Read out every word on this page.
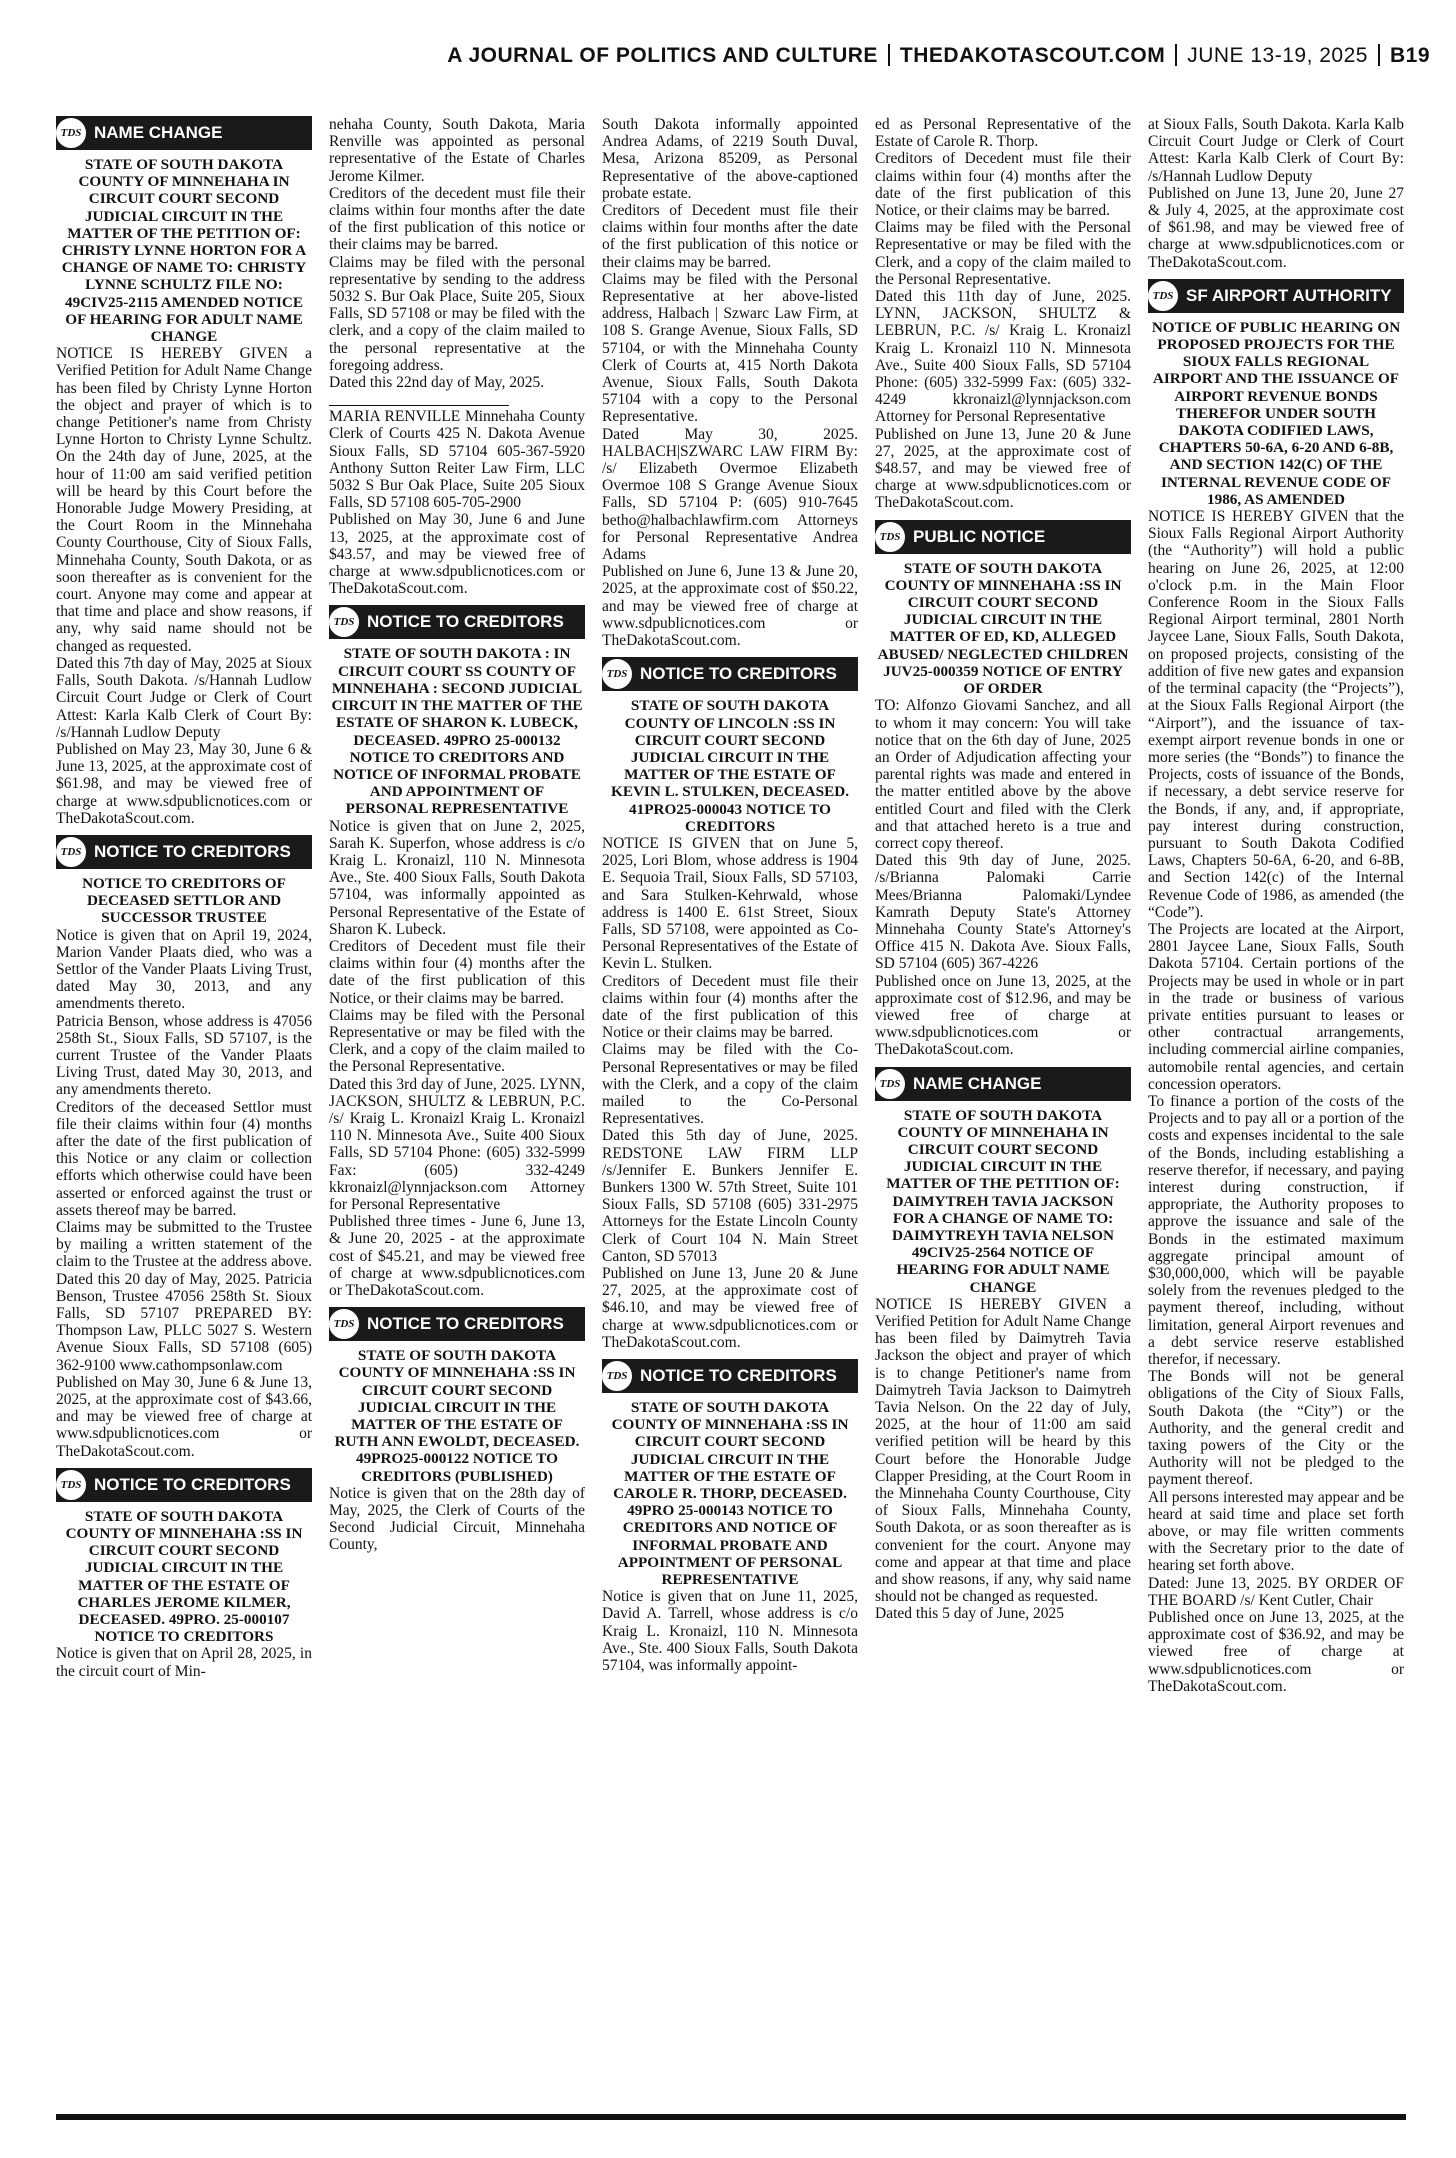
A JOURNAL OF POLITICS AND CULTURE THEDAKOTASCOUT.COM JUNE 13-19, 2025 B19
TDS NAME CHANGE
STATE OF SOUTH DAKOTA COUNTY OF MINNEHAHA IN CIRCUIT COURT SECOND JUDICIAL CIRCUIT IN THE MATTER OF THE PETITION OF: CHRISTY LYNNE HORTON FOR A CHANGE OF NAME TO: CHRISTY LYNNE SCHULTZ FILE NO: 49CIV25-2115 AMENDED NOTICE OF HEARING FOR ADULT NAME CHANGE

NOTICE IS HEREBY GIVEN a Verified Petition for Adult Name Change has been filed by Christy Lynne Horton the object and prayer of which is to change Petitioner's name from Christy Lynne Horton to Christy Lynne Schultz. On the 24th day of June, 2025, at the hour of 11:00 am said verified petition will be heard by this Court before the Honorable Judge Mowery Presiding, at the Court Room in the Minnehaha County Courthouse, City of Sioux Falls, Minnehaha County, South Dakota, or as soon thereafter as is convenient for the court. Anyone may come and appear at that time and place and show reasons, if any, why said name should not be changed as requested.

Dated this 7th day of May, 2025 at Sioux Falls, South Dakota. /s/Hannah Ludlow Circuit Court Judge or Clerk of Court Attest: Karla Kalb Clerk of Court By: /s/Hannah Ludlow Deputy

Published on May 23, May 30, June 6 & June 13, 2025, at the approximate cost of $61.98, and may be viewed free of charge at www.sdpublicnotices.com or TheDakotaScout.com.

TDS NOTICE TO CREDITORS
NOTICE TO CREDITORS OF DECEASED SETTLOR AND SUCCESSOR TRUSTEE

Notice is given that on April 19, 2024, Marion Vander Plaats died, who was a Settlor of the Vander Plaats Living Trust, dated May 30, 2013, and any amendments thereto.

Patricia Benson, whose address is 47056 258th St., Sioux Falls, SD 57107, is the current Trustee of the Vander Plaats Living Trust, dated May 30, 2013, and any amendments thereto.

Creditors of the deceased Settlor must file their claims within four (4) months after the date of the first publication of this Notice or any claim or collection efforts which otherwise could have been asserted or enforced against the trust or assets thereof may be barred.

Claims may be submitted to the Trustee by mailing a written statement of the claim to the Trustee at the address above. Dated this 20 day of May, 2025. Patricia Benson, Trustee 47056 258th St. Sioux Falls, SD 57107 PREPARED BY: Thompson Law, PLLC 5027 S. Western Avenue Sioux Falls, SD 57108 (605) 362-9100 www.cathompsonlaw.com

Published on May 30, June 6 & June 13, 2025, at the approximate cost of $43.66, and may be viewed free of charge at www.sdpublicnotices.com or TheDakotaScout.com.

TDS NOTICE TO CREDITORS
STATE OF SOUTH DAKOTA COUNTY OF MINNEHAHA :SS IN CIRCUIT COURT SECOND JUDICIAL CIRCUIT IN THE MATTER OF THE ESTATE OF CHARLES JEROME KILMER, DECEASED. 49PRO. 25-000107 NOTICE TO CREDITORS

Notice is given that on April 28, 2025, in the circuit court of Min-

nehaha County, South Dakota, Maria Renville was appointed as personal representative of the Estate of Charles Jerome Kilmer.

Creditors of the decedent must file their claims within four months after the date of the first publication of this notice or their claims may be barred.

Claims may be filed with the personal representative by sending to the address 5032 S. Bur Oak Place, Suite 205, Sioux Falls, SD 57108 or may be filed with the clerk, and a copy of the claim mailed to the personal representative at the foregoing address.

Dated this 22nd day of May, 2025.

MARIA RENVILLE Minnehaha County Clerk of Courts 425 N. Dakota Avenue Sioux Falls, SD 57104 605-367-5920 Anthony Sutton Reiter Law Firm, LLC 5032 S Bur Oak Place, Suite 205 Sioux Falls, SD 57108 605-705-2900

Published on May 30, June 6 and June 13, 2025, at the approximate cost of $43.57, and may be viewed free of charge at www.sdpublicnotices.com or TheDakotaScout.com.

TDS NOTICE TO CREDITORS
STATE OF SOUTH DAKOTA : IN CIRCUIT COURT SS COUNTY OF MINNEHAHA : SECOND JUDICIAL CIRCUIT IN THE MATTER OF THE ESTATE OF SHARON K. LUBECK, DECEASED. 49PRO 25-000132 NOTICE TO CREDITORS AND NOTICE OF INFORMAL PROBATE AND APPOINTMENT OF PERSONAL REPRESENTATIVE

Notice is given that on June 2, 2025, Sarah K. Superfon, whose address is c/o Kraig L. Kronaizl, 110 N. Minnesota Ave., Ste. 400 Sioux Falls, South Dakota 57104, was informally appointed as Personal Representative of the Estate of Sharon K. Lubeck.

Creditors of Decedent must file their claims within four (4) months after the date of the first publication of this Notice, or their claims may be barred.

Claims may be filed with the Personal Representative or may be filed with the Clerk, and a copy of the claim mailed to the Personal Representative.

Dated this 3rd day of June, 2025. LYNN, JACKSON, SHULTZ & LEBRUN, P.C. /s/ Kraig L. Kronaizl Kraig L. Kronaizl 110 N. Minnesota Ave., Suite 400 Sioux Falls, SD 57104 Phone: (605) 332-5999 Fax: (605) 332-4249 kkronaizl@lynnjackson.com Attorney for Personal Representative

Published three times - June 6, June 13, & June 20, 2025 - at the approximate cost of $45.21, and may be viewed free of charge at www.sdpublicnotices.com or TheDakotaScout.com.

TDS NOTICE TO CREDITORS
STATE OF SOUTH DAKOTA COUNTY OF MINNEHAHA :SS IN CIRCUIT COURT SECOND JUDICIAL CIRCUIT IN THE MATTER OF THE ESTATE OF RUTH ANN EWOLDT, DECEASED. 49PRO25-000122 NOTICE TO CREDITORS (PUBLISHED)

Notice is given that on the 28th day of May, 2025, the Clerk of Courts of the Second Judicial Circuit, Minnehaha County,

South Dakota informally appointed Andrea Adams, of 2219 South Duval, Mesa, Arizona 85209, as Personal Representative of the above-captioned probate estate.

Creditors of Decedent must file their claims within four months after the date of the first publication of this notice or their claims may be barred.

Claims may be filed with the Personal Representative at her above-listed address, Halbach | Szwarc Law Firm, at 108 S. Grange Avenue, Sioux Falls, SD 57104, or with the Minnehaha County Clerk of Courts at, 415 North Dakota Avenue, Sioux Falls, South Dakota 57104 with a copy to the Personal Representative.

Dated May 30, 2025. HALBACH|SZWARC LAW FIRM By: /s/ Elizabeth Overmoe Elizabeth Overmoe 108 S Grange Avenue Sioux Falls, SD 57104 P: (605) 910-7645 betho@halbachlawfirm.com Attorneys for Personal Representative Andrea Adams

Published on June 6, June 13 & June 20, 2025, at the approximate cost of $50.22, and may be viewed free of charge at www.sdpublicnotices.com or TheDakotaScout.com.

TDS NOTICE TO CREDITORS
STATE OF SOUTH DAKOTA COUNTY OF LINCOLN :SS IN CIRCUIT COURT SECOND JUDICIAL CIRCUIT IN THE MATTER OF THE ESTATE OF KEVIN L. STULKEN, DECEASED. 41PRO25-000043 NOTICE TO CREDITORS

NOTICE IS GIVEN that on June 5, 2025, Lori Blom, whose address is 1904 E. Sequoia Trail, Sioux Falls, SD 57103, and Sara Stulken-Kehrwald, whose address is 1400 E. 61st Street, Sioux Falls, SD 57108, were appointed as Co-Personal Representatives of the Estate of Kevin L. Stulken.

Creditors of Decedent must file their claims within four (4) months after the date of the first publication of this Notice or their claims may be barred.

Claims may be filed with the Co-Personal Representatives or may be filed with the Clerk, and a copy of the claim mailed to the Co-Personal Representatives.

Dated this 5th day of June, 2025. REDSTONE LAW FIRM LLP /s/Jennifer E. Bunkers Jennifer E. Bunkers 1300 W. 57th Street, Suite 101 Sioux Falls, SD 57108 (605) 331-2975 Attorneys for the Estate Lincoln County Clerk of Court 104 N. Main Street Canton, SD 57013

Published on June 13, June 20 & June 27, 2025, at the approximate cost of $46.10, and may be viewed free of charge at www.sdpublicnotices.com or TheDakotaScout.com.

TDS NOTICE TO CREDITORS
STATE OF SOUTH DAKOTA COUNTY OF MINNEHAHA :SS IN CIRCUIT COURT SECOND JUDICIAL CIRCUIT IN THE MATTER OF THE ESTATE OF CAROLE R. THORP, DECEASED. 49PRO 25-000143 NOTICE TO CREDITORS AND NOTICE OF INFORMAL PROBATE AND APPOINTMENT OF PERSONAL REPRESENTATIVE

Notice is given that on June 11, 2025, David A. Tarrell, whose address is c/o Kraig L. Kronaizl, 110 N. Minnesota Ave., Ste. 400 Sioux Falls, South Dakota 57104, was informally appoint-

ed as Personal Representative of the Estate of Carole R. Thorp.

Creditors of Decedent must file their claims within four (4) months after the date of the first publication of this Notice, or their claims may be barred.

Claims may be filed with the Personal Representative or may be filed with the Clerk, and a copy of the claim mailed to the Personal Representative.

Dated this 11th day of June, 2025. LYNN, JACKSON, SHULTZ & LEBRUN, P.C. /s/ Kraig L. Kronaizl Kraig L. Kronaizl 110 N. Minnesota Ave., Suite 400 Sioux Falls, SD 57104 Phone: (605) 332-5999 Fax: (605) 332-4249 kkronaizl@lynnjackson.com Attorney for Personal Representative

Published on June 13, June 20 & June 27, 2025, at the approximate cost of $48.57, and may be viewed free of charge at www.sdpublicnotices.com or TheDakotaScout.com.

TDS PUBLIC NOTICE
STATE OF SOUTH DAKOTA COUNTY OF MINNEHAHA :SS IN CIRCUIT COURT SECOND JUDICIAL CIRCUIT IN THE MATTER OF ED, KD, ALLEGED ABUSED/ NEGLECTED CHILDREN JUV25-000359 NOTICE OF ENTRY OF ORDER

TO: Alfonzo Giovami Sanchez, and all to whom it may concern: You will take notice that on the 6th day of June, 2025 an Order of Adjudication affecting your parental rights was made and entered in the matter entitled above by the above entitled Court and filed with the Clerk and that attached hereto is a true and correct copy thereof.

Dated this 9th day of June, 2025. /s/Brianna Palomaki Carrie Mees/Brianna Palomaki/Lyndee Kamrath Deputy State's Attorney Minnehaha County State's Attorney's Office 415 N. Dakota Ave. Sioux Falls, SD 57104 (605) 367-4226

Published once on June 13, 2025, at the approximate cost of $12.96, and may be viewed free of charge at www.sdpublicnotices.com or TheDakotaScout.com.

TDS NAME CHANGE
STATE OF SOUTH DAKOTA COUNTY OF MINNEHAHA IN CIRCUIT COURT SECOND JUDICIAL CIRCUIT IN THE MATTER OF THE PETITION OF: DAIMYTREH TAVIA JACKSON FOR A CHANGE OF NAME TO: DAIMYTREYH TAVIA NELSON 49CIV25-2564 NOTICE OF HEARING FOR ADULT NAME CHANGE

NOTICE IS HEREBY GIVEN a Verified Petition for Adult Name Change has been filed by Daimytreh Tavia Jackson the object and prayer of which is to change Petitioner's name from Daimytreh Tavia Jackson to Daimytreh Tavia Nelson. On the 22 day of July, 2025, at the hour of 11:00 am said verified petition will be heard by this Court before the Honorable Judge Clapper Presiding, at the Court Room in the Minnehaha County Courthouse, City of Sioux Falls, Minnehaha County, South Dakota, or as soon thereafter as is convenient for the court. Anyone may come and appear at that time and place and show reasons, if any, why said name should not be changed as requested.

Dated this 5 day of June, 2025

at Sioux Falls, South Dakota. Karla Kalb Circuit Court Judge or Clerk of Court Attest: Karla Kalb Clerk of Court By: /s/Hannah Ludlow Deputy

Published on June 13, June 20, June 27 & July 4, 2025, at the approximate cost of $61.98, and may be viewed free of charge at www.sdpublicnotices.com or TheDakotaScout.com.

TDS SF AIRPORT AUTHORITY
NOTICE OF PUBLIC HEARING ON PROPOSED PROJECTS FOR THE SIOUX FALLS REGIONAL AIRPORT AND THE ISSUANCE OF AIRPORT REVENUE BONDS THEREFOR UNDER SOUTH DAKOTA CODIFIED LAWS, CHAPTERS 50-6A, 6-20 AND 6-8B, AND SECTION 142(C) OF THE INTERNAL REVENUE CODE OF 1986, AS AMENDED

NOTICE IS HEREBY GIVEN that the Sioux Falls Regional Airport Authority (the “Authority”) will hold a public hearing on June 26, 2025, at 12:00 o'clock p.m. in the Main Floor Conference Room in the Sioux Falls Regional Airport terminal, 2801 North Jaycee Lane, Sioux Falls, South Dakota, on proposed projects, consisting of the addition of five new gates and expansion of the terminal capacity (the “Projects”), at the Sioux Falls Regional Airport (the “Airport”), and the issuance of tax-exempt airport revenue bonds in one or more series (the “Bonds”) to finance the Projects, costs of issuance of the Bonds, if necessary, a debt service reserve for the Bonds, if any, and, if appropriate, pay interest during construction, pursuant to South Dakota Codified Laws, Chapters 50-6A, 6-20, and 6-8B, and Section 142(c) of the Internal Revenue Code of 1986, as amended (the “Code”).

The Projects are located at the Airport, 2801 Jaycee Lane, Sioux Falls, South Dakota 57104. Certain portions of the Projects may be used in whole or in part in the trade or business of various private entities pursuant to leases or other contractual arrangements, including commercial airline companies, automobile rental agencies, and certain concession operators.

To finance a portion of the costs of the Projects and to pay all or a portion of the costs and expenses incidental to the sale of the Bonds, including establishing a reserve therefor, if necessary, and paying interest during construction, if appropriate, the Authority proposes to approve the issuance and sale of the Bonds in the estimated maximum aggregate principal amount of $30,000,000, which will be payable solely from the revenues pledged to the payment thereof, including, without limitation, general Airport revenues and a debt service reserve established therefor, if necessary.

The Bonds will not be general obligations of the City of Sioux Falls, South Dakota (the “City”) or the Authority, and the general credit and taxing powers of the City or the Authority will not be pledged to the payment thereof.

All persons interested may appear and be heard at said time and place set forth above, or may file written comments with the Secretary prior to the date of hearing set forth above.

Dated: June 13, 2025. BY ORDER OF THE BOARD /s/ Kent Cutler, Chair

Published once on June 13, 2025, at the approximate cost of $36.92, and may be viewed free of charge at www.sdpublicnotices.com or TheDakotaScout.com.
